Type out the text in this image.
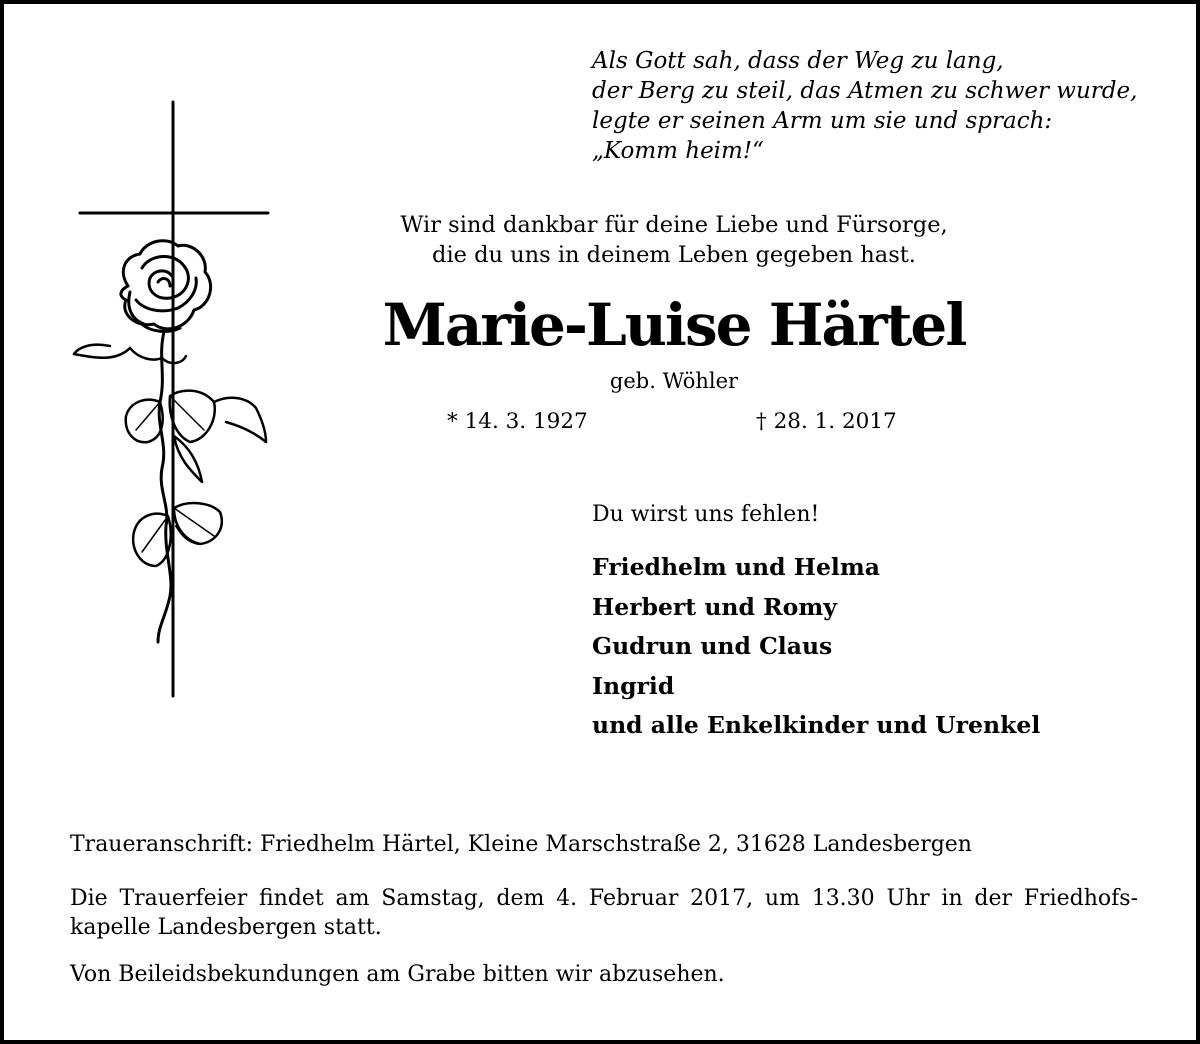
Als Gott sah, dass der Weg zu lang,
der Berg zu steil, das Atmen zu schwer wurde,
legte er seinen Arm um sie und sprach:
„Komm heim!“
Wir sind dankbar für deine Liebe und Fürsorge,
die du uns in deinem Leben gegeben hast.
Marie-Luise Härtel
geb. Wöhler
* 14. 3. 1927	† 28. 1. 2017
Du wirst uns fehlen!
Friedhelm und Helma
Herbert und Romy
Gudrun und Claus
Ingrid
und alle Enkelkinder und Urenkel
Traueranschrift: Friedhelm Härtel, Kleine Marschstraße 2, 31628 Landesbergen
Die Trauerfeier findet am Samstag, dem 4. Februar 2017, um 13.30 Uhr in der Friedhofskapelle Landesbergen statt.
Von Beileidsbekundungen am Grabe bitten wir abzusehen.
